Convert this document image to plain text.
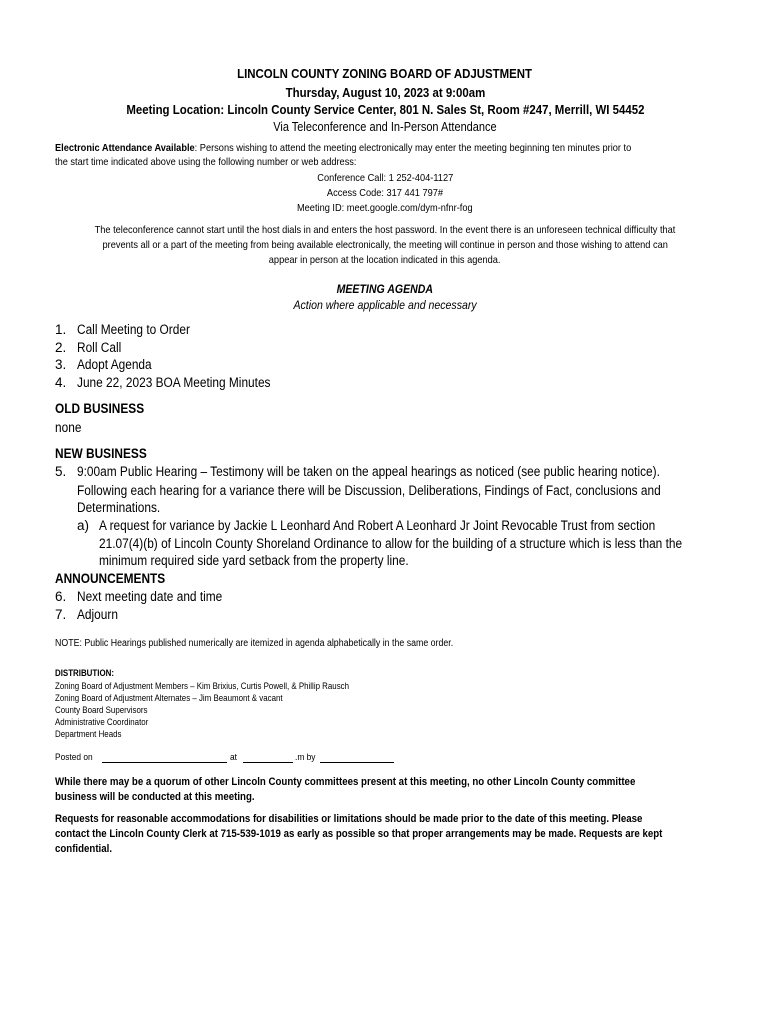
LINCOLN COUNTY ZONING BOARD OF ADJUSTMENT
Thursday, August 10, 2023 at 9:00am
Meeting Location: Lincoln County Service Center, 801 N. Sales St, Room #247, Merrill, WI 54452
Via Teleconference and In-Person Attendance
Electronic Attendance Available: Persons wishing to attend the meeting electronically may enter the meeting beginning ten minutes prior to
the start time indicated above using the following number or web address:
Conference Call: 1 252-404-1127
Access Code: 317 441 797#
Meeting ID: meet.google.com/dym-nfnr-fog
The teleconference cannot start until the host dials in and enters the host password. In the event there is an unforeseen technical difficulty that
prevents all or a part of the meeting from being available electronically, the meeting will continue in person and those wishing to attend can
appear in person at the location indicated in this agenda.
MEETING AGENDA
Action where applicable and necessary
1. Call Meeting to Order
2. Roll Call
3. Adopt Agenda
4. June 22, 2023 BOA Meeting Minutes
OLD BUSINESS
none
NEW BUSINESS
5. 9:00am Public Hearing – Testimony will be taken on the appeal hearings as noticed (see public hearing notice).
Following each hearing for a variance there will be Discussion, Deliberations, Findings of Fact, conclusions and
Determinations.
a) A request for variance by Jackie L Leonhard And Robert A Leonhard Jr Joint Revocable Trust from section
21.07(4)(b) of Lincoln County Shoreland Ordinance to allow for the building of a structure which is less than the
minimum required side yard setback from the property line.
ANNOUNCEMENTS
6. Next meeting date and time
7. Adjourn
NOTE: Public Hearings published numerically are itemized in agenda alphabetically in the same order.
DISTRIBUTION:
Zoning Board of Adjustment Members – Kim Brixius, Curtis Powell, & Phillip Rausch
Zoning Board of Adjustment Alternates – Jim Beaumont & vacant
County Board Supervisors
Administrative Coordinator
Department Heads
Posted on	at	.m by
While there may be a quorum of other Lincoln County committees present at this meeting, no other Lincoln County committee
business will be conducted at this meeting.
Requests for reasonable accommodations for disabilities or limitations should be made prior to the date of this meeting. Please
contact the Lincoln County Clerk at 715-539-1019 as early as possible so that proper arrangements may be made. Requests are kept
confidential.
